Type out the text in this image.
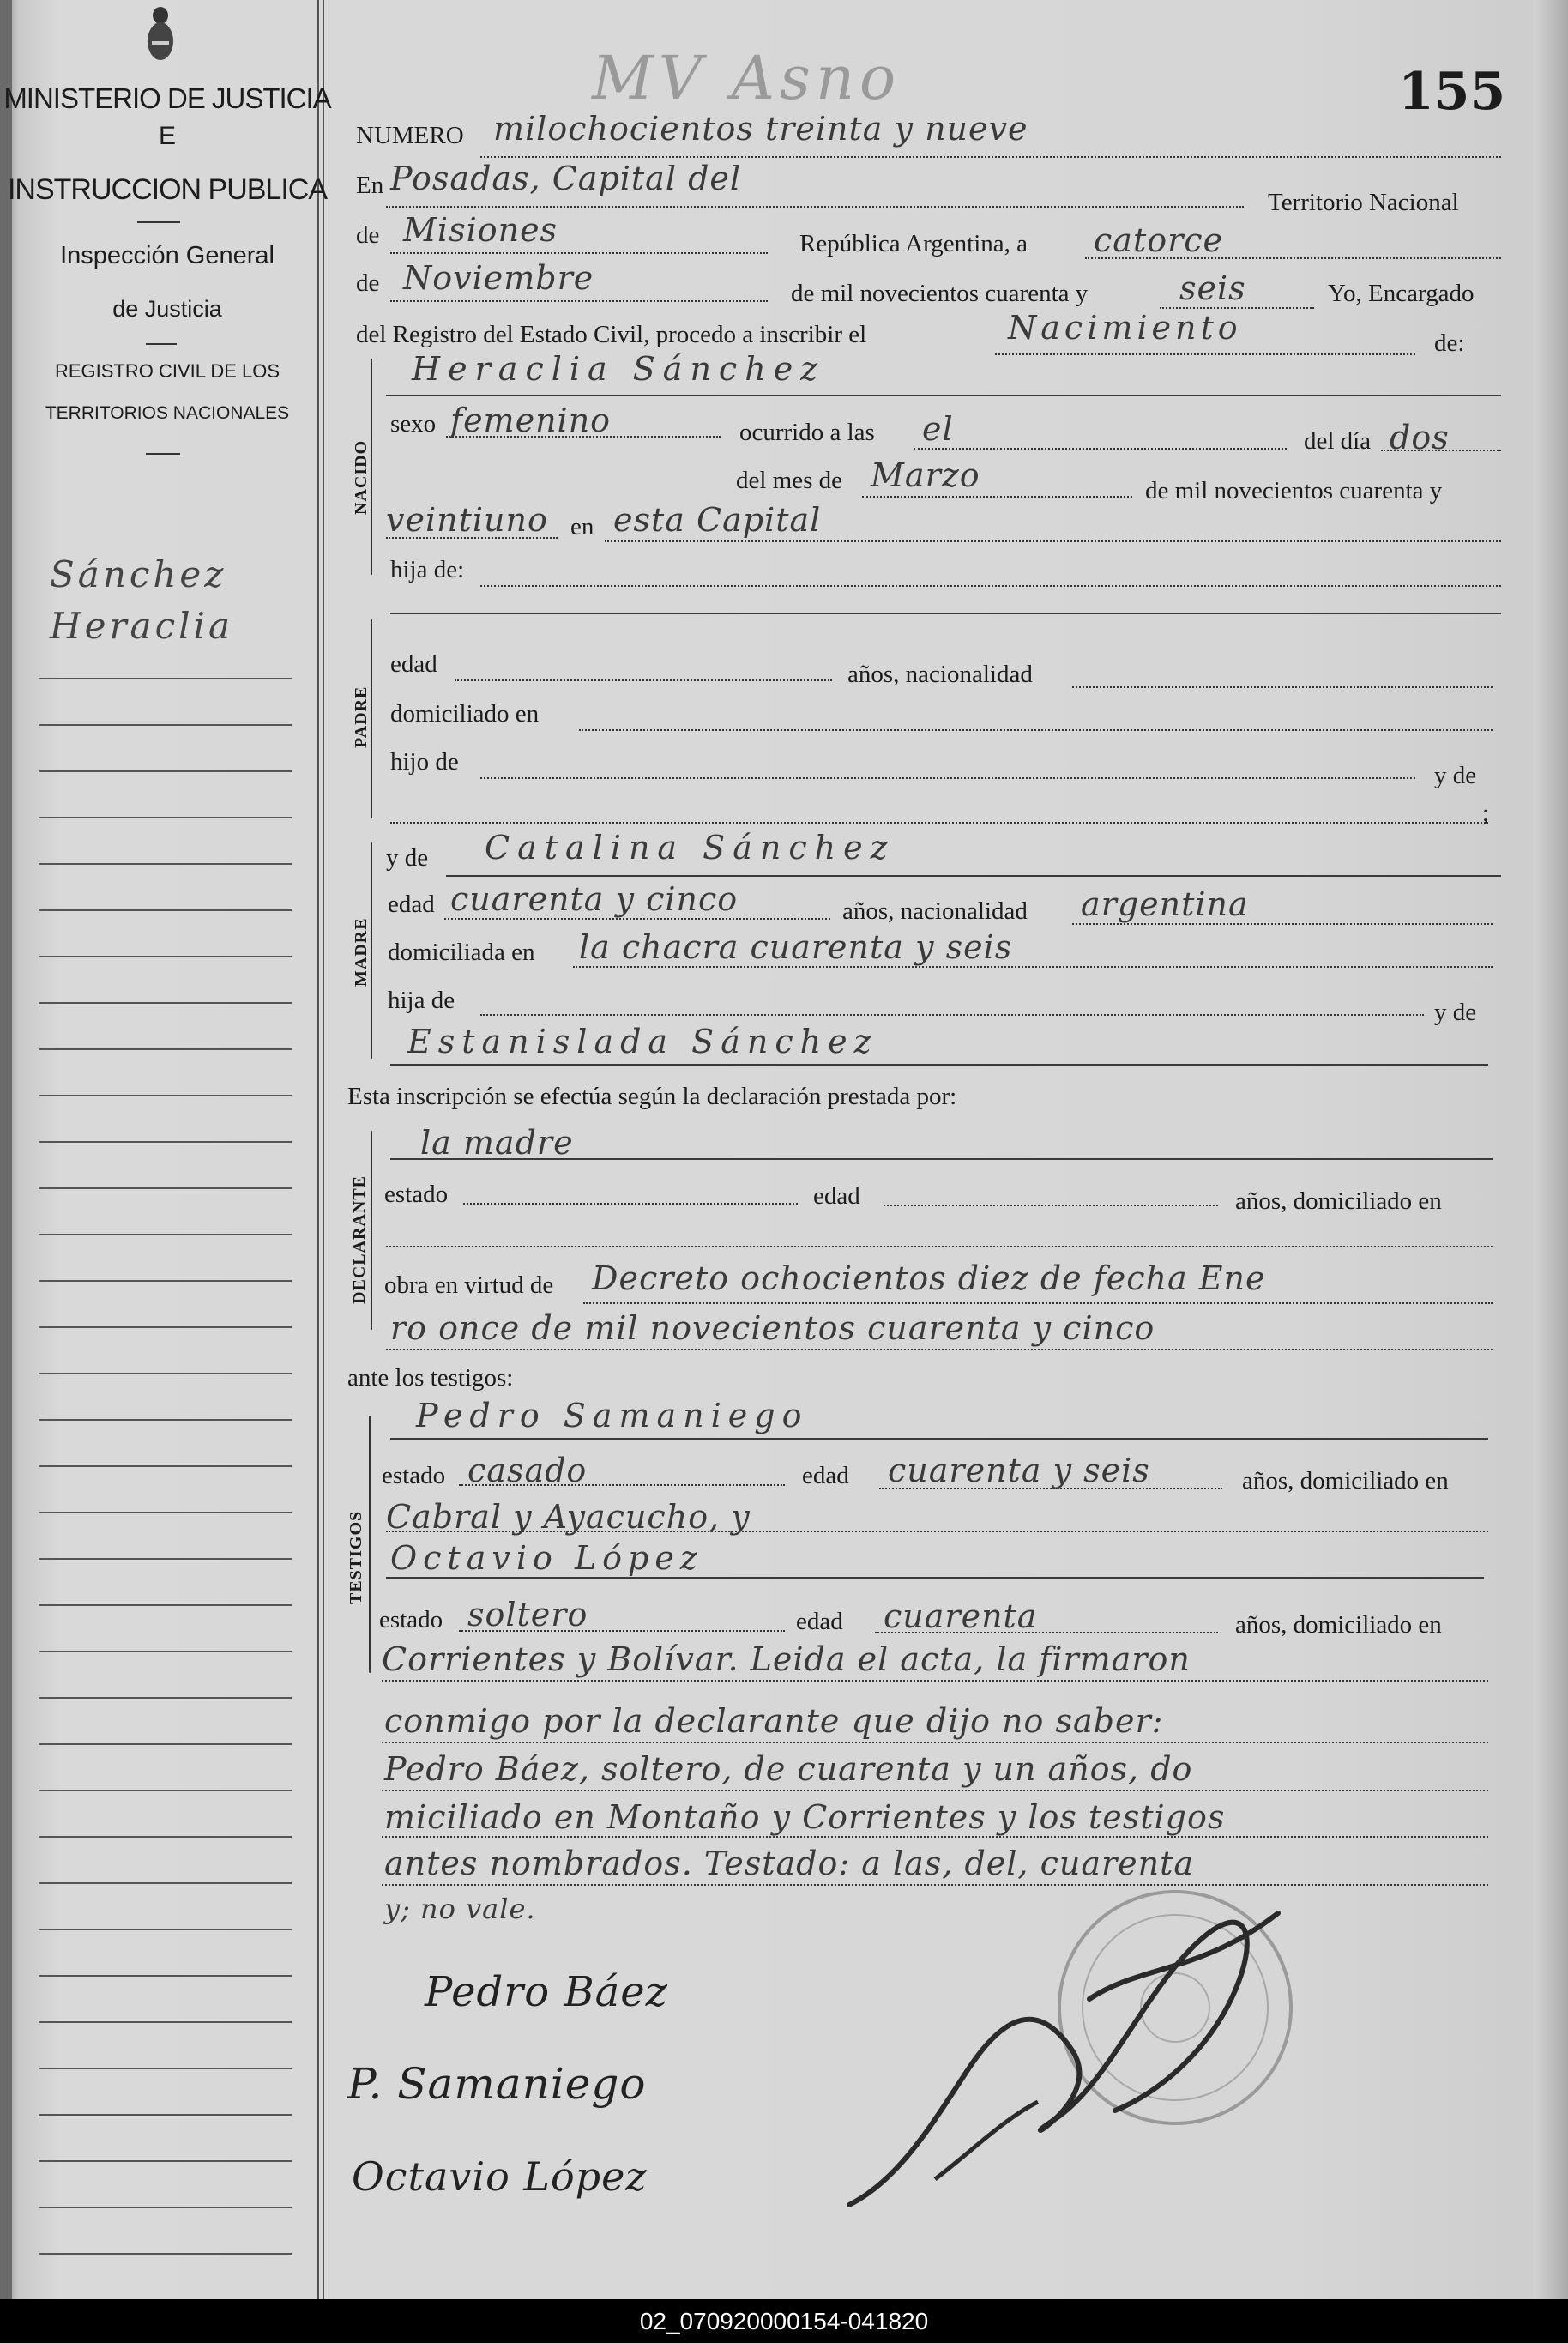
MINISTERIO DE JUSTICIA
E
INSTRUCCION PUBLICA
Inspección General
de Justicia
REGISTRO CIVIL DE LOS
TERRITORIOS NACIONALES
Sánchez
Heraclia
MV Asno	155
NUMERO milochocientos treinta y nueve
En Posadas, Capital del
Territorio Nacional
de Misiones	República Argentina, a catorce
de Noviembre	de mil novecientos cuarenta y	seis	Yo, Encargado
del Registro del Estado Civil, procedo a inscribir el	Nacimiento	de:
Heraclia Sánchez
NACIDO
sexo femenino	ocurrido a las el	del día dos
del mes de Marzo	de mil novecientos cuarenta y
veintiuno en esta Capital
hija de:
PADRE
edad	años, nacionalidad
domiciliado en
hijo de	y de
;
MADRE
y de Catalina Sánchez
edad cuarenta y cinco	años, nacionalidad argentina
domiciliada en la chacra cuarenta y seis
hija de	y de
Estanislada Sánchez
Esta inscripción se efectúa según la declaración prestada por:
la madre
DECLARANTE estado	edad	años, domiciliado en
obra en virtud de Decreto ochocientos diez de fecha Ene
ro once de mil novecientos cuarenta y cinco
ante los testigos:
Pedro Samaniego
TESTIGOS
estado casado	edad cuarenta y seis	años, domiciliado en
Cabral y Ayacucho, y
Octavio López
estado soltero	edad cuarenta	años, domiciliado en
Corrientes y Bolívar. Leida el acta, la firmaron
conmigo por la declarante que dijo no saber:
Pedro Báez, soltero, de cuarenta y un años, do
miciliado en Montaño y Corrientes y los testigos
antes nombrados. Testado: a las, del, cuarenta
y; no vale.
Pedro Báez
P. Samaniego
Octavio López
02_070920000154-041820
